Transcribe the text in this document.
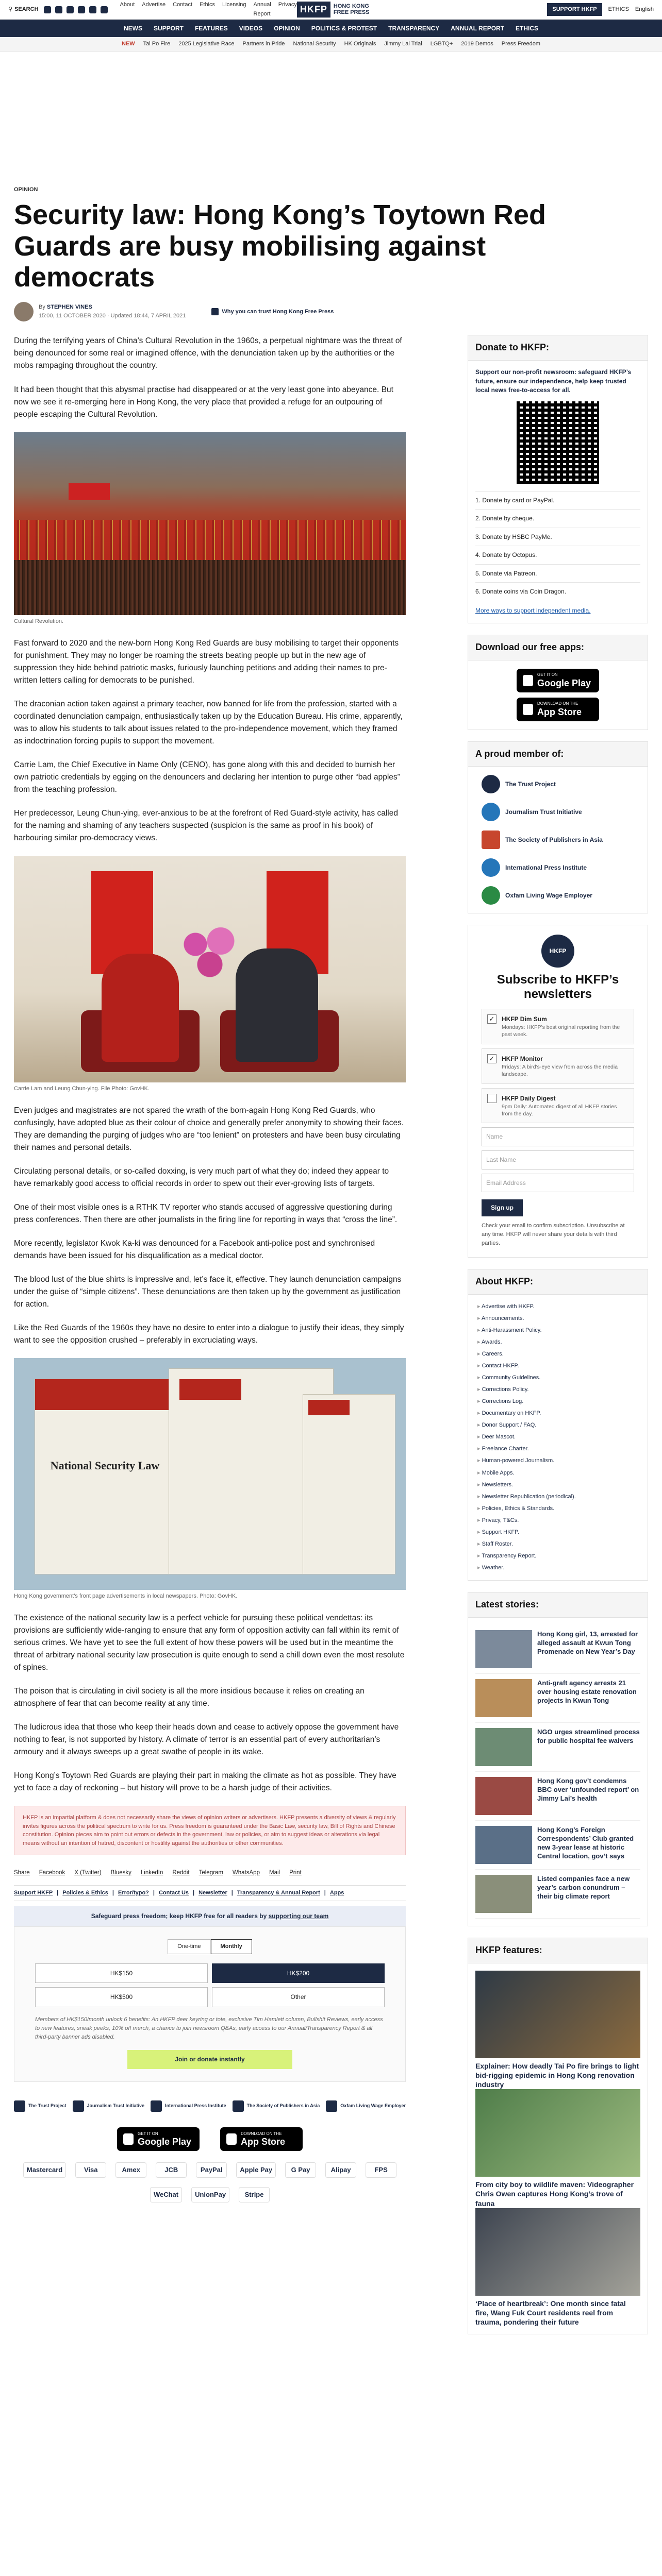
⚲ SEARCH
About Advertise Contact Ethics Licensing Annual Report
Privacy HKFP	HONG KONG
FREE PRESS
SUPPORT HKFP	ETHICS English
NEWS SUPPORT FEATURES VIDEOS OPINION POLITICS & PROTEST TRANSPARENCY ANNUAL REPORT ETHICS
NEW Tai Po Fire 2025 Legislative Race Partners in Pride National Security HK Originals Jimmy Lai Trial LGBTQ+ 2019 Demos Press Freedom
OPINION
Security law: Hong Kong’s Toytown Red Guards are busy mobilising against democrats
By STEPHEN VINES
15:00, 11 OCTOBER 2020 · Updated 18:44, 7 APRIL 2021
Why you can trust Hong Kong Free Press

During the terrifying years of China’s Cultural Revolution in the 1960s, a perpetual nightmare was the threat of being denounced for some real or imagined offence, with the denunciation taken up by the authorities or the mobs rampaging throughout the country.

It had been thought that this abysmal practise had disappeared or at the very least gone into abeyance. But now we see it re-emerging here in Hong Kong, the very place that provided a refuge for an outpouring of people escaping the Cultural Revolution.

Cultural Revolution.

Fast forward to 2020 and the new-born Hong Kong Red Guards are busy mobilising to target their opponents for punishment. They may no longer be roaming the streets beating people up but in the new age of suppression they hide behind patriotic masks, furiously launching petitions and adding their names to pre-written letters calling for democrats to be punished.

The draconian action taken against a primary teacher, now banned for life from the profession, started with a coordinated denunciation campaign, enthusiastically taken up by the Education Bureau. His crime, apparently, was to allow his students to talk about issues related to the pro-independence movement, which they framed as indoctrination forcing pupils to support the movement.

Carrie Lam, the Chief Executive in Name Only (CENO), has gone along with this and decided to burnish her own patriotic credentials by egging on the denouncers and declaring her intention to purge other “bad apples” from the teaching profession.

Her predecessor, Leung Chun-ying, ever-anxious to be at the forefront of Red Guard-style activity, has called for the naming and shaming of any teachers suspected (suspicion is the same as proof in his book) of harbouring similar pro-democracy views.

Carrie Lam and Leung Chun-ying. File Photo: GovHK.

Even judges and magistrates are not spared the wrath of the born-again Hong Kong Red Guards, who confusingly, have adopted blue as their colour of choice and generally prefer anonymity to showing their faces. They are demanding the purging of judges who are “too lenient” on protesters and have been busy circulating their names and personal details.

Circulating personal details, or so-called doxxing, is very much part of what they do; indeed they appear to have remarkably good access to official records in order to spew out their ever-growing lists of targets.

One of their most visible ones is a RTHK TV reporter who stands accused of aggressive questioning during press conferences. Then there are other journalists in the firing line for reporting in ways that “cross the line”.

More recently, legislator Kwok Ka-ki was denounced for a Facebook anti-police post and synchronised demands have been issued for his disqualification as a medical doctor.

The blood lust of the blue shirts is impressive and, let’s face it, effective. They launch denunciation campaigns under the guise of “simple citizens”. These denunciations are then taken up by the government as justification for action.

Like the Red Guards of the 1960s they have no desire to enter into a dialogue to justify their ideas, they simply want to see the opposition crushed – preferably in excruciating ways.

National Security Law
Hong Kong government’s front page advertisements in local newspapers. Photo: GovHK.

The existence of the national security law is a perfect vehicle for pursuing these political vendettas: its provisions are sufficiently wide-ranging to ensure that any form of opposition activity can fall within its remit of serious crimes. We have yet to see the full extent of how these powers will be used but in the meantime the threat of arbitrary national security law prosecution is quite enough to send a chill down even the most resolute of spines.

The poison that is circulating in civil society is all the more insidious because it relies on creating an atmosphere of fear that can become reality at any time.

The ludicrous idea that those who keep their heads down and cease to actively oppose the government have nothing to fear, is not supported by history. A climate of terror is an essential part of every authoritarian’s armoury and it always sweeps up a great swathe of people in its wake.

Hong Kong’s Toytown Red Guards are playing their part in making the climate as hot as possible. They have yet to face a day of reckoning – but history will prove to be a harsh judge of their activities.

HKFP is an impartial platform & does not necessarily share the views of opinion writers or advertisers. HKFP presents a diversity of views & regularly invites figures across the political spectrum to write for us. Press freedom is guaranteed under the Basic Law, security law, Bill of Rights and Chinese constitution. Opinion pieces aim to point out errors or defects in the government, law or policies, or aim to suggest ideas or alterations via legal means without an intention of hatred, discontent or hostility against the authorities or other communities.
Share Facebook X (Twitter) Bluesky LinkedIn Reddit Telegram WhatsApp Mail Print
Support HKFP | Policies & Ethics | Error/typo? | Contact Us | Newsletter | Transparency & Annual Report | Apps
Safeguard press freedom; keep HKFP free for all readers by supporting our team
One-time	Monthly
HK$150	HK$200
HK$500	Other
Members of HK$150/month unlock 6 benefits: An HKFP deer keyring or tote, exclusive Tim Hamlett column, Bullshit Reviews, early access to new features, sneak peeks, 10% off merch, a chance to join newsroom Q&As, early access to our Annual/Transparency Report & all third-party banner ads disabled.
Join or donate instantly
The Trust Project	Journalism Trust Initiative	International Press Institute	The Society of Publishers in Asia	Oxfam Living Wage Employer
GET IT ON
Google Play
DOWNLOAD ON THE
App Store
Mastercard	Visa	Amex	JCB	PayPal	Apple Pay	G Pay	Alipay	FPS
WeChat	UnionPay	Stripe
Donate to HKFP:
Support our non-profit newsroom: safeguard HKFP’s future, ensure our independence, help keep trusted local news free-to-access for all.
1. Donate by card or PayPal.
2. Donate by cheque.
3. Donate by HSBC PayMe.
4. Donate by Octopus.
5. Donate via Patreon.
6. Donate coins via Coin Dragon.
More ways to support independent media.
Download our free apps:
GET IT ON
Google Play
DOWNLOAD ON THE
App Store
A proud member of:
The Trust Project
Journalism Trust Initiative
The Society of Publishers in Asia
International Press Institute
Oxfam Living Wage Employer
HKFP
Subscribe to HKFP’s newsletters
✓ HKFP Dim Sum
Mondays: HKFP’s best original reporting from the past week.
✓ HKFP Monitor
Fridays: A bird’s-eye view from across the media landscape.
HKFP Daily Digest
9pm Daily: Automated digest of all HKFP stories from the day.
Name
Last Name
Email Address
Sign up
Check your email to confirm subscription. Unsubscribe at any time. HKFP will never share your details with third parties.
About HKFP:
▸ Advertise with HKFP.
▸ Announcements.
▸ Anti-Harassment Policy.
▸ Awards.
▸ Careers.
▸ Contact HKFP.
▸ Community Guidelines.
▸ Corrections Policy.
▸ Corrections Log.
▸ Documentary on HKFP.
▸ Donor Support / FAQ.
▸ Deer Mascot.
▸ Freelance Charter.
▸ Human-powered Journalism.
▸ Mobile Apps.
▸ Newsletters.
▸ Newsletter Republication (periodical).
▸ Policies, Ethics & Standards.
▸ Privacy, T&Cs.
▸ Support HKFP.
▸ Staff Roster.
▸ Transparency Report.
▸ Weather.
Latest stories:
Hong Kong girl, 13, arrested for alleged assault at Kwun Tong Promenade on New Year’s Day
Anti-graft agency arrests 21 over housing estate renovation projects in Kwun Tong
NGO urges streamlined process for public hospital fee waivers
Hong Kong gov’t condemns BBC over ‘unfounded report’ on Jimmy Lai’s health
Hong Kong’s Foreign Correspondents’ Club granted new 3-year lease at historic Central location, gov’t says
Listed companies face a new year’s carbon conundrum – their big climate report
HKFP features:
Explainer: How deadly Tai Po fire brings to light bid-rigging epidemic in Hong Kong renovation industry
From city boy to wildlife maven: Videographer Chris Owen captures Hong Kong’s trove of fauna
‘Place of heartbreak’: One month since fatal fire, Wang Fuk Court residents reel from trauma, pondering their future
